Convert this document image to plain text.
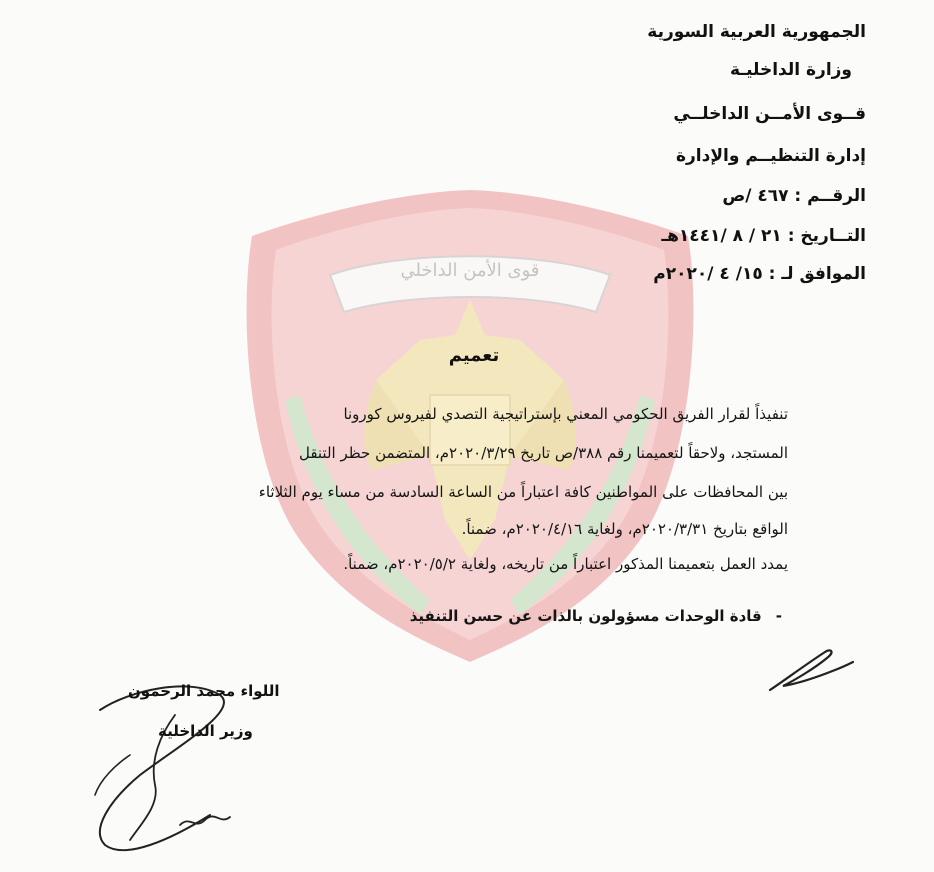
قوى الأمن الداخلي

الجمهورية العربية السورية

وزارة الداخليـة

قــوى الأمــن الداخلــي

إدارة التنظيــم والإدارة

الرقــم : ٤٦٧ /ص

التــاريخ : ٢١ / ٨ /١٤٤١هـ

الموافق لـ : ١٥/ ٤ /٢٠٢٠م

تعميم

تنفيذاً لقرار الفريق الحكومي المعني بإستراتيجية التصدي لفيروس كورونا

المستجد، ولاحقاً لتعميمنا رقم ٣٨٨/ص تاريخ ٢٠٢٠/٣/٢٩م، المتضمن حظر التنقل

بين المحافظات على المواطنين كافة اعتباراً من الساعة السادسة من مساء يوم الثلاثاء

الواقع بتاريخ ٢٠٢٠/٣/٣١م، ولغاية ٢٠٢٠/٤/١٦م، ضمناً.

يمدد العمل بتعميمنا المذكور اعتباراً من تاريخه، ولغاية ٢٠٢٠/٥/٢م، ضمناً.

-قادة الوحدات مسؤولون بالذات عن حسن التنفيذ

اللواء محمد الرحمون
وزير الداخلية
